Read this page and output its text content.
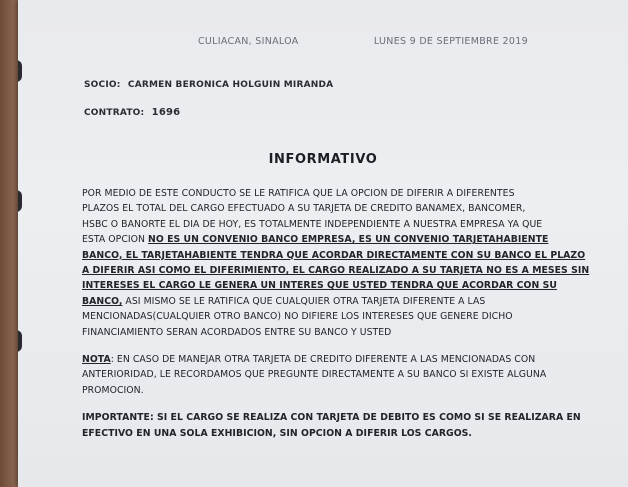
CULIACAN, SINALOA	LUNES 9 DE SEPTIEMBRE 2019
SOCIO: CARMEN BERONICA HOLGUIN MIRANDA
CONTRATO: 1696
INFORMATIVO
POR MEDIO DE ESTE CONDUCTO SE LE RATIFICA QUE LA OPCION DE DIFERIR A DIFERENTES
PLAZOS EL TOTAL DEL CARGO EFECTUADO A SU TARJETA DE CREDITO BANAMEX, BANCOMER,
HSBC O BANORTE EL DIA DE HOY, ES TOTALMENTE INDEPENDIENTE A NUESTRA EMPRESA YA QUE
ESTA OPCION NO ES UN CONVENIO BANCO EMPRESA, ES UN CONVENIO TARJETAHABIENTE
BANCO, EL TARJETAHABIENTE TENDRA QUE ACORDAR DIRECTAMENTE CON SU BANCO EL PLAZO
A DIFERIR ASI COMO EL DIFERIMIENTO, EL CARGO REALIZADO A SU TARJETA NO ES A MESES SIN
INTERESES EL CARGO LE GENERA UN INTERES QUE USTED TENDRA QUE ACORDAR CON SU
BANCO, ASI MISMO SE LE RATIFICA QUE CUALQUIER OTRA TARJETA DIFERENTE A LAS
MENCIONADAS(CUALQUIER OTRO BANCO) NO DIFIERE LOS INTERESES QUE GENERE DICHO
FINANCIAMIENTO SERAN ACORDADOS ENTRE SU BANCO Y USTED
NOTA: EN CASO DE MANEJAR OTRA TARJETA DE CREDITO DIFERENTE A LAS MENCIONADAS CON
ANTERIORIDAD, LE RECORDAMOS QUE PREGUNTE DIRECTAMENTE A SU BANCO SI EXISTE ALGUNA
PROMOCION.
IMPORTANTE: SI EL CARGO SE REALIZA CON TARJETA DE DEBITO ES COMO SI SE REALIZARA EN
EFECTIVO EN UNA SOLA EXHIBICION, SIN OPCION A DIFERIR LOS CARGOS.
